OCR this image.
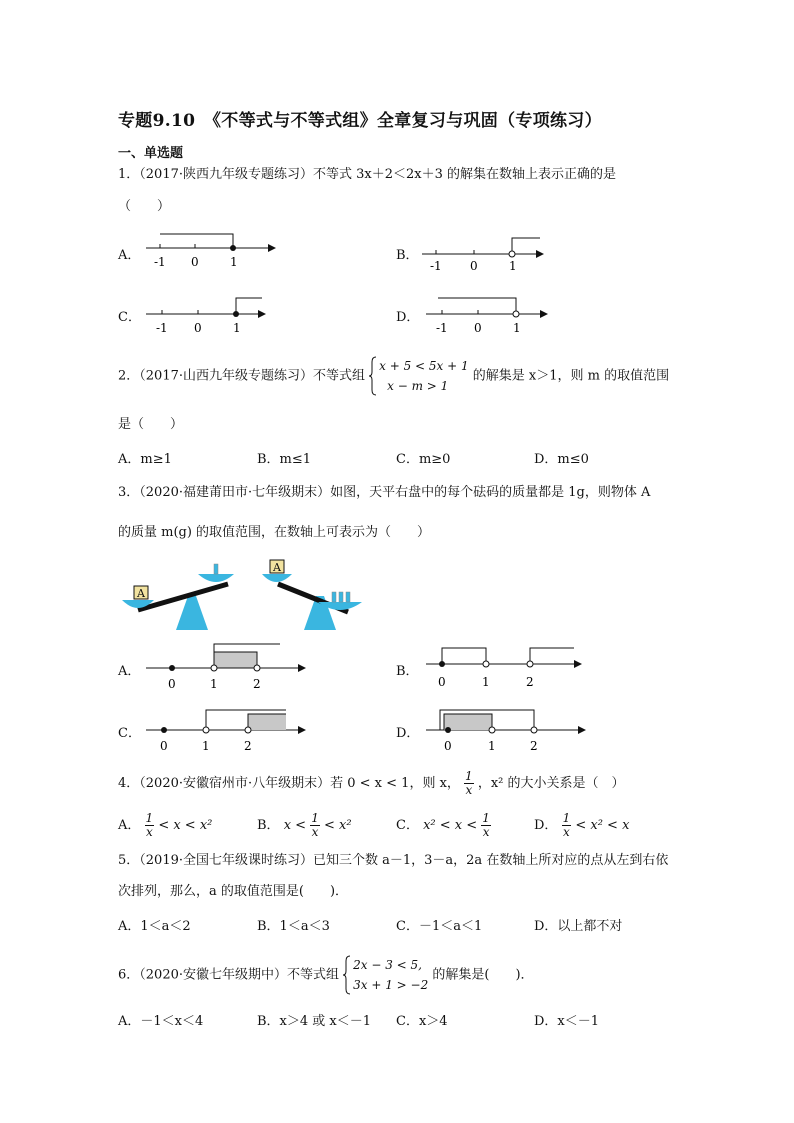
专题9.10　《不等式与不等式组》全章复习与巩固（专项练习）
一、单选题
1．（2017·陕西九年级专题练习）不等式 3x＋2＜2x＋3 的解集在数轴上表示正确的是
（　　）
A． -1 0	1	B．
-1 0	1
C．
-1 0	1
D．
-1 0	1
2．（2017·山西九年级专题练习）不等式组
x + 5 < 5x + 1
x − m > 1
的解集是 x＞1，则 m 的取值范围
是（　　）
A．m≥1	B．m≤1	C．m≥0	D．m≤0
3．（2020·福建莆田市·七年级期末）如图，天平右盘中的每个砝码的质量都是 1g，则物体 A
的质量 m(g) 的取值范围，在数轴上可表示为（　　）
A
A
A．
0	1	2
B．
0	1	2
C．
0	1	2
D．
0	1	2
4．（2020·安徽宿州市·八年级期末）若 0 < x < 1，则 x， $\frac{1}{x}$ ，x² 的大小关系是（　）
A． $\frac{1}{x} < x < x^2$	B． $x < \frac{1}{x} < x^2$	C． $x^2 < x < \frac{1}{x}$	D． $\frac{1}{x} < x^2 < x$
5．（2019·全国七年级课时练习）已知三个数 a－1，3－a，2a 在数轴上所对应的点从左到右依
次排列，那么，a 的取值范围是(　　)．
A．1＜a＜2	B．1＜a＜3	C．－1＜a＜1	D．以上都不对
6．（2020·安徽七年级期中）不等式组
2x − 3 < 5,
3x + 1 > −2
的解集是(　　)．
A．－1＜x＜4	B．x＞4 或 x＜－1 C．x＞4	D．x＜－1
